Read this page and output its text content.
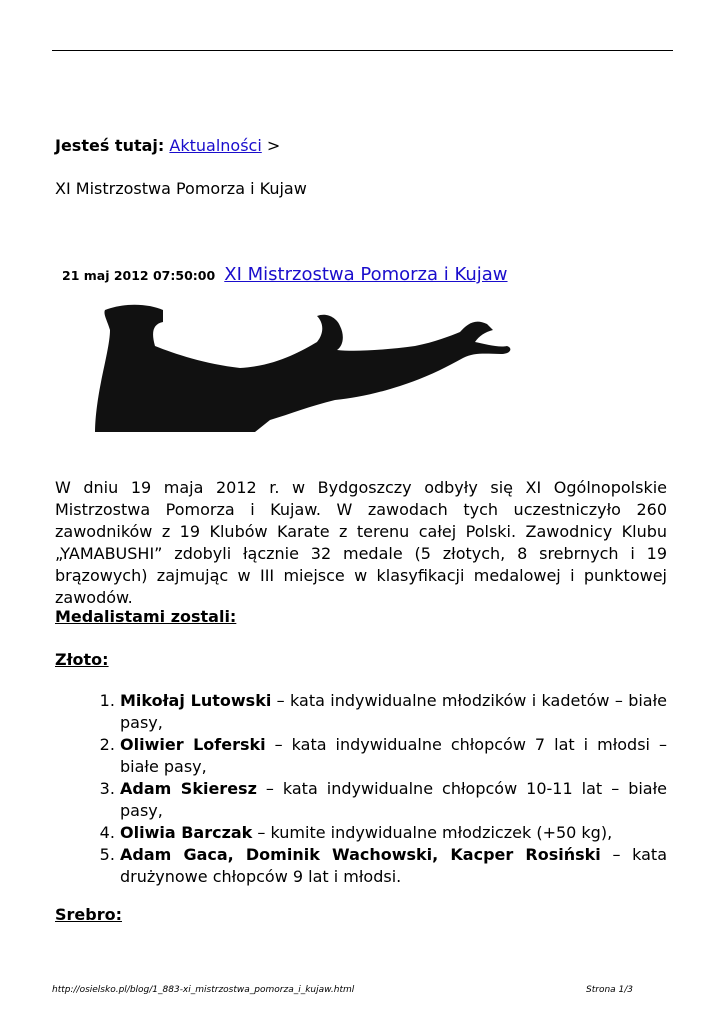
Jesteś tutaj: Aktualności >
XI Mistrzostwa Pomorza i Kujaw
21 maj 2012 07:50:00 XI Mistrzostwa Pomorza i Kujaw
W dniu 19 maja 2012 r. w Bydgoszczy odbyły się XI Ogólnopolskie Mistrzostwa Pomorza i Kujaw. W zawodach tych uczestniczyło 260 zawodników z 19 Klubów Karate z terenu całej Polski. Zawodnicy Klubu „YAMABUSHI” zdobyli łącznie 32 medale (5 złotych, 8 srebrnych i 19 brązowych) zajmując w III miejsce w klasyfikacji medalowej i punktowej zawodów.
Medalistami zostali:
Złoto:
1. Mikołaj Lutowski – kata indywidualne młodzików i kadetów – białe pasy,
2. Oliwier Loferski – kata indywidualne chłopców 7 lat i młodsi – białe pasy,
3. Adam Skieresz – kata indywidualne chłopców 10-11 lat – białe pasy,
4. Oliwia Barczak – kumite indywidualne młodziczek (+50 kg),
5. Adam Gaca, Dominik Wachowski, Kacper Rosiński – kata drużynowe chłopców 9 lat i młodsi.
Srebro:
http://osielsko.pl/blog/1_883-xi_mistrzostwa_pomorza_i_kujaw.html	Strona 1/3
